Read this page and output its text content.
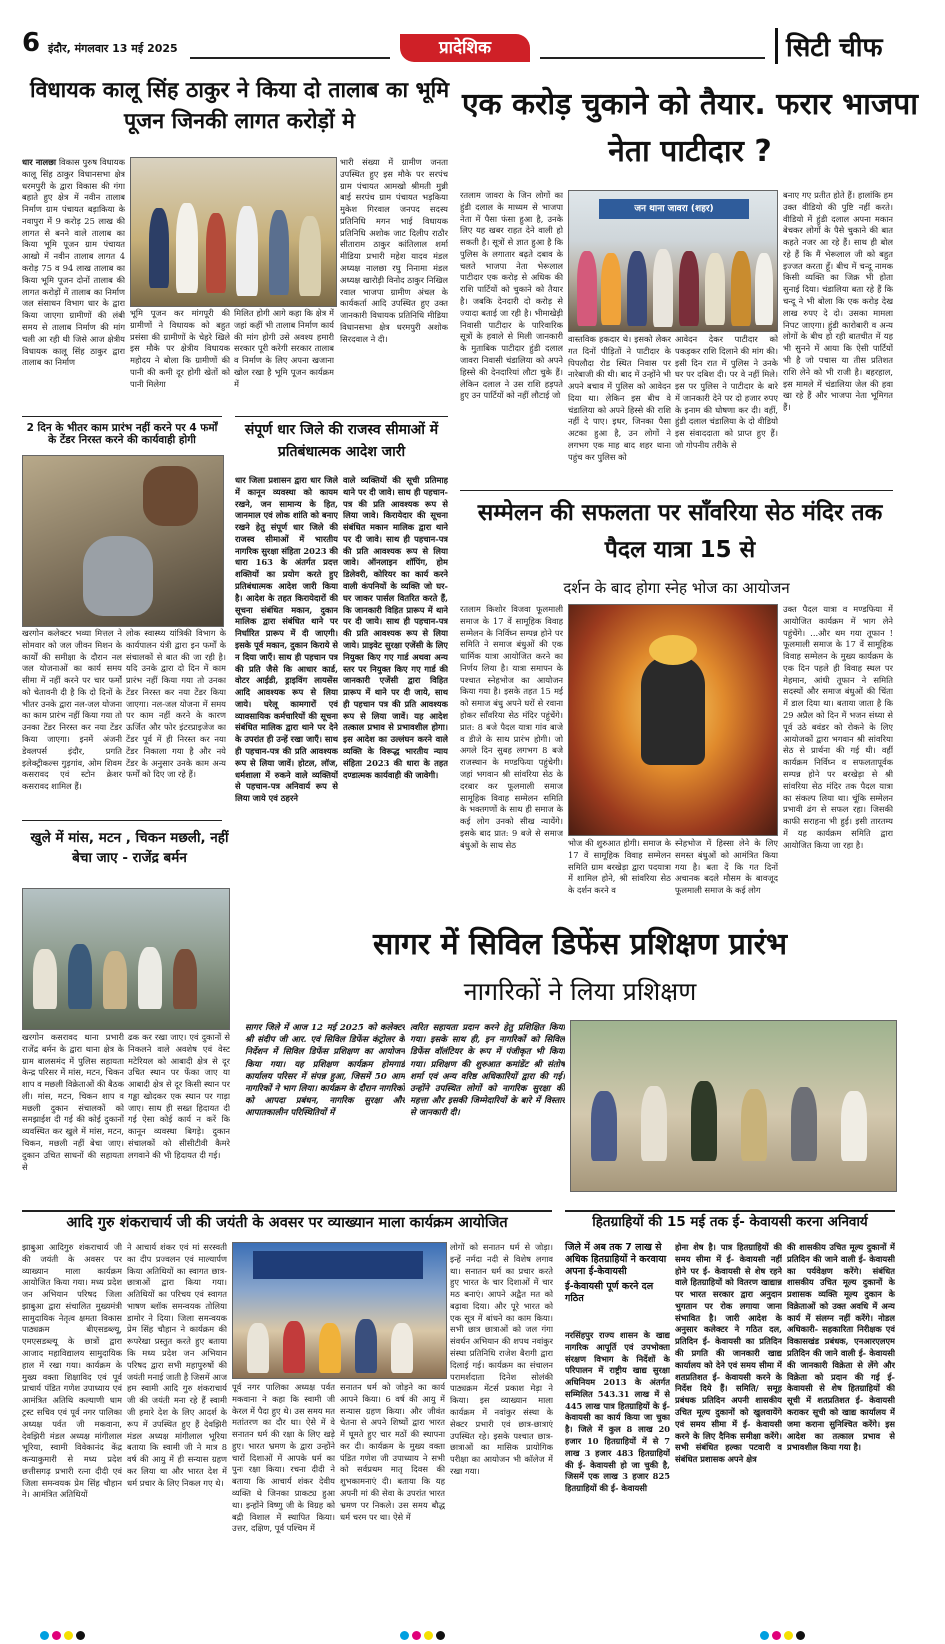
6 इंदौर, मंगलवार 13 मई 2025	प्रादेशिक	सिटी चीफ
विधायक कालू सिंह ठाकुर ने किया दो तालाब का भूमि पूजन जिनकी लागत करोड़ों मे
धार नालछा विकास पुरुष विधायक कालू सिंह ठाकुर विधानसभा क्षेत्र धरमपुरी के द्वारा विकास की गंगा बहाते हुए क्षेत्र में नवीन तालाब निर्माण ग्राम पंचायत बड़ाकिया के नवापुरा में 9 करोड़ 25 लाख की लागत से बनने वाले तालाब का किया भूमि पूजन ग्राम पंचायत आखो में नवीन तालाब लागत 4 करोड़ 75 व 94 लाख तालाब का किया भूमि पूजन दोनों तालाब की लागत करोड़ों में तालाब का निर्माण जल संसाधन विभाग धार के द्वारा किया जाएगा ग्रामीणों की लंबी समय से तालाब निर्माण की मांग चली आ रही थी जिसे आज क्षेत्रीय विधायक कालू सिंह ठाकुर द्वारा तालाब का निर्माण
भूमि पूजन कर मांगपूरी की ग्रामीणों ने विधायक को बहुत प्रसंसा की ग्रामीणों के चेहरे खिले इस मौके पर क्षेत्रीय विधायक महोदय ने बोला कि ग्रामीणों की पानी की कमी दूर होगी खेतों को पानी मिलेगा
मिलित होगी आगे कहा कि क्षेत्र में जहां कहीं भी तालाब निर्माण कार्य की मांग होगी उसे अवश्य हमारी सरकार पूरी करेगी सरकार तालाब व निर्माण के लिए अपना खजाना खोल रखा है भूमि पूजन कार्यक्रम में
भारी संख्या में ग्रामीण जनता उपस्थित हुए इस मौके पर सरपंच ग्राम पंचायत आमखो श्रीमती मुन्नी बाई सरपंच ग्राम पंचायत भड़किया मुकेश गिरवाल जनपद सदस्य प्रतिनिधि मगन भाई विधायक प्रतिनिधि अशोक जाट दिलीप राठौर सीताराम ठाकुर कांतिलाल शर्मा मीडिया प्रभारी महेश यादव मंडल अध्यक्ष नालछा रघु निनामा मंडल अध्यक्ष खारोड़ी विनोद ठाकुर निखिल रवाल भाजपा ग्रामीण अंचल के कार्यकर्ता आदि उपस्थित हुए उक्त जानकारी विधायक प्रतिनिधि मीडिया विधानसभा क्षेत्र धरमपुरी अशोक सिरदवाल ने दी।
2 दिन के भीतर काम प्रारंभ नहीं करने पर 4 फर्मों के टेंडर निरस्त करने की कार्यवाही होगी
खरगोन कलेक्टर भव्या मित्तल ने सोमवार को जल जीवन मिशन के कार्यों की समीक्षा के दौरान नल जल योजनाओं का कार्य समय सीमा में नहीं करने पर चार फर्मों को चेतावनी दी है कि दो दिनों के भीतर उनके द्वारा नल-जल योजना का काम प्रारंभ नहीं किया गया तो उनका टेंडर निरस्त कर नया टेंडर किया जाएगा। इनमें अंजनी डेवलपर्स इंदौर, प्रगति इलेक्ट्रीकल्स गुड़गांव, ओम शिवम कसरावद एवं स्टोन क्रेशर कसरावद शामिल हैं।
लोक स्वास्थ्य यांत्रिकी विभाग के कार्यपालन यंत्री द्वारा इन फर्मों के संचालकों से बात की जा रही है। यदि उनके द्वारा दो दिन में काम प्रारंभ नहीं किया गया तो उनका टेंडर निरस्त कर नया टेंडर किया जाएगा। नल-जल योजना में समय पर काम नहीं करने के कारण ऊर्जित और फोर इंटरप्राइजेज का टेंडर पूर्व में ही निरस्त कर नया टेंडर निकाला गया है और नये टेंडर के अनुसार उनके काम अन्य फर्मों को दिए जा रहे हैं।
खुले में मांस, मटन , चिकन मछली, नहीं बेचा जाए - राजेंद्र बर्मन
खरगोन कसरावद थाना प्रभारी राजेंद्र बर्मन के द्वारा थाना क्षेत्र के ग्राम बालसमंद में पुलिस सहायता केन्द्र परिसर में मांस, मटन, चिकन शाप व मछली विक्रेताओं की बैठक ली। मांस, मटन, चिकन शाप व मछली दुकान संचालकों को समझाईश दी गई की कोई दुकानों व्यवस्थित कर खुले में मांस, मटन, चिकन, मछली नहीं बेचा जाए। दुकान उचित साधनों की सहायता से
ढक कर रखा जाए। एवं दुकानों से निकलने वाले अवशेष एवं वेस्ट मटेरियल को आबादी क्षेत्र से दूर उचित स्थान पर फेंका जाए या आबादी क्षेत्र से दूर किसी स्थान पर गड्ढा खोदकर एक स्थान पर गाड़ा जाए। साथ ही सख्त हिदायत दी गई ऐसा कोई कार्य न करें कि कानून व्यवस्था बिगड़े। दुकान संचालकों को सीसीटीवी कैमरे लगवाने की भी हिदायत दी गई।
संपूर्ण धार जिले की राजस्व सीमाओं में प्रतिबंधात्मक आदेश जारी
धार जिला प्रशासन द्वारा धार जिले में कानून व्यवस्था को कायम रखने, जन सामान्य के हित, जानमाल एवं लोक शांति को बनाए रखने हेतु संपूर्ण धार जिले की राजस्व सीमाओं में भारतीय नागरिक सुरक्षा संहिता 2023 की धारा 163 के अंतर्गत प्रदत्त शक्तियों का प्रयोग करते हुए प्रतिबंधात्मक आदेश जारी किया है। आदेश के तहत किरायेदारों की सूचना संबंधित मकान, दुकान मालिक द्वारा संबंधित थाने पर निर्धारित प्रारूप में दी जाएगी। इसके पूर्व मकान, दुकान किराये से न दिया जाएँ। साथ ही पहचान पत्र की प्रति जैसे कि आधार कार्ड, वोटर आईडी, ड्राइविंग लायसेंस आदि आवश्यक रूप से लिया जाये। घरेलू कामगारों एवं व्यावसायिक कर्मचारियों की सूचना संबंधित मालिक द्वारा थाने पर देने के उपरांत ही उन्हें रखा जाएँ। साथ ही पहचान-पत्र की प्रति आवश्यक रूप से लिया जावें। होटल, लॉज, धर्मशाला में रुकने वाले व्यक्तियों से पहचान-पत्र अनिवार्य रूप से लिया जाये एवं ठहरने
वाले व्यक्तियों की सूची प्रतिमाह थाने पर दी जावे। साथ ही पहचान-पत्र की प्रति आवश्यक रूप से लिया जावे। किरायेदार की सूचना संबंधित मकान मालिक द्वारा थाने पर दी जावे। साथ ही पहचान-पत्र की प्रति आवश्यक रूप से लिया जावे। ऑनलाइन शॉपिंग, होम डिलेवरी, कोरियर का कार्य करने वाली कंपनियों के व्यक्ति जो घर-घर जाकर पार्सल वितरित करते हैं, कि जानकारी विहित प्रारूप में थाने पर दी जाये। साथ ही पहचान-पत्र की प्रति आवश्यक रूप से लिया जाये। प्राइवेट सुरक्षा एजेंसी के लिए नियुक्त किए गए गार्ड अथवा अन्य स्तर पर नियुक्त किए गए गार्ड की जानकारी एजेंसी द्वारा विहित प्रारूप में थाने पर दी जाये, साथ ही पहचान पत्र की प्रति आवश्यक रूप से लिया जावें। यह आदेश तत्काल प्रभाव से प्रभावशील होगा। इस आदेश का उल्लंघन करने वाले व्यक्ति के विरूद्ध भारतीय न्याय संहिता 2023 की धारा के तहत दण्डात्मक कार्यवाही की जावेगी।
एक करोड़ चुकाने को तैयार. फरार भाजपा नेता पाटीदार ?
रतलाम जावरा के जिन लोगों का हुंडी दलाल के माध्यम से भाजपा नेता में पैसा फंसा हुआ है, उनके लिए यह खबर राहत देने वाली हो सकती है। सूत्रों से ज्ञात हुआ है कि पुलिस के लगातार बढ़ते दबाव के चलते भाजपा नेता भेरूलाल पाटीदार एक करोड़ से अधिक की राशि पार्टियों को चुकाने को तैयार है। जबकि देनदारी दो करोड़ से ज्यादा बताई जा रही है। भीमाखेड़ी निवासी पाटीदार के पारिवारिक सूत्रों के हवाले से मिली जानकारी के मुताबिक पाटीदार हुंडी दलाल जावरा निवासी चंडालिया को अपने हिस्से की देनदारियां लौटा चुके हैं। लेकिन दलाल ने उस राशि हड़पते हुए उन पार्टियों को नहीं लौटाई जो
जन थाना जावरा (शहर)
वास्तविक हकदार थे। इसको लेकर गत दिनों पीड़ितों ने पाटीदार के पिपलौदा रोड स्थित निवास पर नारेबाजी की थी। बाद में उन्होंने भी अपने बचाव में पुलिस को आवेदन दिया था। लेकिन इस बीच वे चंडालिया को अपने हिस्से की राशि नहीं दे पाए। इधर, जिनका पैसा अटका हुआ है, उन लोगों ने लगभग एक माह बाद शहर थाना पहुंच कर पुलिस को
आवेदन देकर पाटीदार को पकड़कर राशि दिलाने की मांग की। इसी दिन रात में पुलिस ने उनके घर पर दबिश दी। पर वे नहीं मिले। इस पर पुलिस ने पाटीदार के बारे में जानकारी देने पर दो हजार रुपए के इनाम की घोषणा कर दी। वहीं, हुंडी दलाल चंडालिया के दो वीडियो इस संवाददाता को प्राप्त हुए हैं। जो गोपनीय तरीके से
बनाए गए प्रतीत होते हैं। हालांकि हम उक्त वीडियो की पुष्टि नहीं करते। वीडियो में हुंडी दलाल अपना मकान बेचकर लोगों के पैसे चुकाने की बात कहते नजर आ रहे हैं। साथ ही बोल रहे हैं कि मैं भेरूलाल जी को बहुत इज्जत करता हूँ। बीच में चन्दू नामक किसी व्यक्ति का जिक्र भी होता सुनाई दिया। चंडालिया बता रहे हैं कि चन्दू ने भी बोला कि एक करोड़ देख लाख रुपए दे दो। उसका मामला निपट जाएगा। हुंडी कारोबारी व अन्य लोगों के बीच हो रही बातचीत में यह भी सुनने में आया कि ऐसी पार्टियों भी है जो पचास या तीस प्रतिशत राशि लेने को भी राजी है। बहरहाल, इस मामले में चंडालिया जेल की हवा खा रहे हैं और भाजपा नेता भूमिगत हैं।
सम्मेलन की सफलता पर सॉंवरिया सेठ मंदिर तक पैदल यात्रा 15 से
दर्शन के बाद होगा स्नेह भोज का आयोजन
रतलाम किशोर विजवा फूलमाली समाज के 17 वें सामूहिक विवाह सम्मेलन के निर्विघ्न सम्पन्न होने पर समिति ने समाज बंधुओं की एक धार्मिक यात्रा आयोजित करने का निर्णय लिया है। यात्रा समापन के पश्चात स्नेहभोज का आयोजन किया गया है। इसके तहत 15 मई को समाज बंधु अपने घरों से रवाना होकर सॉंवरिया सेठ मंदिर पहुंचेंगे। प्रात: 8 बजे पैदल यात्रा गांव बाजे व डीजे के साथ प्रारंभ होगी। जो अगले दिन सुबह लगभग 8 बजे राजस्थान के मण्डफिया पहुंचेगी। जहां भगवान श्री सांवरिया सेठ के दरबार कर फूलमाली समाज सामूहिक विवाह सम्मेलन समिति के भक्तगणों के साथ ही समाज के कई लोग उनको सीख न्यायेंगे। इसके बाद प्रात: 9 बजे से समाज बंधुओं के साथ सेठ	भोज की शुरुआत होगी। समाज के 17 वें सामूहिक विवाह सम्मेलन समिति ग्राम बरखेड़ा द्वारा पदयात्रा में शामिल होने, श्री सांवरिया सेठ के दर्शन करने व
स्नेहभोज में हिस्सा लेने के लिए समस्त बंधुओं को आमंत्रित किया गया है। बता दें कि गत दिनों अचानक बदले मौसम के बावजूद फूलमाली समाज के कई लोग
उक्त पैदल यात्रा व मण्डफिया में आयोजित कार्यक्रम में भाग लेने पहुंचेंगे। ...और थम गया तूफान ! फूलमाली समाज के 17 वें सामूहिक विवाह सम्मेलन के मुख्य कार्यक्रम के एक दिन पहले ही विवाह स्थल पर मेहमान, आंधी तूफान ने समिति सदस्यों और समाज बंधुओं की चिंता में डाल दिया था। बताया जाता है कि 29 अप्रैल को दिन में भजन संध्या से पूर्व उठे बवंडर को रोकने के लिए आयोजकों द्वारा भगवान श्री सांवरिया सेठ से प्रार्थना की गई थी। वहीं कार्यक्रम निर्विघ्न व सफलतापूर्वक सम्पन्न होने पर बरखेड़ा से श्री सांवरिया सेठ मंदिर तक पैदल यात्रा का संकल्प लिया था। चूंकि सम्मेलन प्रभावी ढंग से सफल रहा। जिसकी काफी सराहना भी हुई। इसी तारतम्य में यह कार्यक्रम समिति द्वारा आयोजित किया जा रहा है।
सागर में सिविल डिफेंस प्रशिक्षण प्रारंभ
नागरिकों ने लिया प्रशिक्षण
सागर जिले में आज 12 मई 2025 को कलेक्टर श्री संदीप जी आर. एवं सिविल डिफेंस कंट्रोलर के निर्देशन में सिविल डिफेंस प्रशिक्षण का आयोजन किया गया। यह प्रशिक्षण कार्यक्रम होमगार्ड कार्यालय परिसर में संपन्न हुआ, जिसमें 50 आम नागरिकों ने भाग लिया। कार्यक्रम के दौरान नागरिकों को आपदा प्रबंधन, नागरिक सुरक्षा और आपातकालीन परिस्थितियों में
त्वरित सहायता प्रदान करने हेतु प्रशिक्षित किया गया। इसके साथ ही, इन नागरिकों को सिविल डिफेंस वॉलंटियर के रूप में पंजीकृत भी किया गया। प्रशिक्षण की शुरुआत कमांडेंट श्री संतोष शर्मा एवं अन्य वरिष्ठ अधिकारियों द्वारा की गई। उन्होंने उपस्थित लोगों को नागरिक सुरक्षा की महत्ता और इसकी जिम्मेदारियों के बारे में विस्तार से जानकारी दी।
आदि गुरु शंकराचार्य जी की जयंती के अवसर पर व्याख्यान माला कार्यक्रम आयोजित
झाबुआ आदिगुरु शंकराचार्य जी की जयंती के अवसर पर व्याख्यान माला कार्यक्रम आयोजित किया गया। मध्य प्रदेश जन अभियान परिषद जिला झाबुआ द्वारा संचालित मुख्यमंत्री सामुदायिक नेतृत्व क्षमता विकास पाठ्यक्रम बीएसडब्ल्यू, एमएसडब्ल्यू के छात्रों द्वारा आजाद महाविद्यालय सामुदायिक हाल में रखा गया। कार्यक्रम के मुख्य वक्ता शिक्षाविद एवं पूर्व प्राचार्य पंडित गणेश उपाध्याय एवं आमंत्रित अतिथि कल्याणी धाम ट्रस्ट सचिव एवं पूर्व नगर पालिका अध्यक्ष पर्वत जी मकवाना, देवझिरी मंडल अध्यक्ष मांगीलाल भूरिया, स्वामी विवेकानंद केंद्र कन्याकुमारी से मध्य प्रदेश छत्तीसगढ़ प्रभारी रत्ना दीदी एवं जिला समन्वयक प्रेम सिंह चौहान ने। आमंत्रित अतिथियों
ने आचार्य शंकर एवं मां सरस्वती का दीप प्रज्वलन एवं माल्यार्पण किया अतिथियों का स्वागत छात्र-छात्राओं द्वारा किया गया। अतिथियों का परिचय एवं स्वागत भाषण ब्लॉक समन्वयक तोलिया डामोर ने दिया। जिला समन्वयक प्रेम सिंह चौहान ने कार्यक्रम की रूपरेखा प्रस्तुत करते हुए बताया कि मध्य प्रदेश जन अभियान परिषद द्वारा सभी महापुरुषों की जयंती मनाई जाती है जिसमें आज हम स्वामी आदि गुरु शंकराचार्य जी की जयंती मना रहे हैं स्वामी जी हमारे देश के लिए आदर्श के रूप में उपस्थित हुए हैं देवझिरी मंडल अध्यक्ष मांगीलाल भूरिया बताया कि स्वामी जी ने मात्र 8 वर्ष की आयु में ही सन्यास ग्रहण कर लिया था और भारत देश में धर्म प्रचार के लिए निकल गए थे।
पूर्व नगर पालिका अध्यक्ष पर्वत मकवाना ने कहा कि स्वामी जी केरल में पैदा हुए थे। उस समय मत मतांतरण का दौर था। ऐसे में वे सनातन धर्म की रक्षा के लिए खड़े हुए। भारत भ्रमण के द्वारा उन्होंने चारों दिशाओं में आपके धर्म का पुनः रक्षा किया। रचना दीदी ने बताया कि आचार्य शंकर देवीय व्यक्ति थे जिनका प्राकट्य हुआ था। इन्होंने विष्णु जी के विग्रह को बद्री विशाल में स्थापित किया। उत्तर, दक्षिण, पूर्व पश्चिम में
सनातन धर्म को जोड़ने का कार्य आपने किया। 6 वर्ष की आयु में सन्यास ग्रहण किया। और जीवंत चेतना से अपने शिष्यों द्वारा भारत में घूमते हुए चार मठों की स्थापना कर दी। कार्यक्रम के मुख्य वक्ता पंडित गणेश जी उपाध्याय ने सभी को सर्वप्रथम मातृ दिवस की शुभकामनाएं दी। बताया कि यह अपनी मां की सेवा के उपरांत भारत भ्रमण पर निकले। उस समय बौद्ध धर्म चरम पर था। ऐसे में
लोगों को सनातन धर्म से जोड़ा। इन्हें नर्मदा नदी से विशेष लगाव था। सनातन धर्म का प्रचार करते हुए भारत के चार दिशाओं में चार मठ बनाएं। आपने अद्वैत मत को बढ़ावा दिया। और पूरे भारत को एक सूत्र में बांधने का काम किया। सभी छात्र छात्राओं को जल गंगा संवर्धन अभियान की शपथ नवांकुर संस्था प्रतिनिधि राजेश बैरागी द्वारा दिलाई गई। कार्यक्रम का संचालन परामर्शदाता दिनेश सोलंकी पाठ्यक्रम मेंटर्स प्रकाश मेड़ा ने किया। इस व्याख्यान माला कार्यक्रम में नवांकुर संस्था के सेक्टर प्रभारी एवं छात्र-छात्राएं उपस्थित रहे। इसके पश्चात छात्र-छात्राओं का मासिक प्रायोगिक परीक्षा का आयोजन भी कॉलेज में रखा गया।
हितग्राहियों की 15 मई तक ई- केवायसी करना अनिवार्य
जिले में अब तक 7 लाख से अधिक हितग्राहियों ने करवाया अपना ई-केवायसी
ई-केवायसी पूर्ण करने दल गठित
नरसिंहपुर राज्य शासन के खाद्य नागरिक आपूर्ति एवं उपभोक्ता संरक्षण विभाग के निर्देशों के परिपालन में राष्ट्रीय खाद्य सुरक्षा अधिनियम 2013 के अंतर्गत सम्मिलित 543.31 लाख में से 445 लाख पात्र हितग्राहियों के ई-केवायसी का कार्य किया जा चुका है। जिले में कुल 8 लाख 20 हजार 10 हितग्राहियों में से 7 लाख 3 हजार 483 हितग्राहियों की ई- केवायसी हो जा चुकी है, जिसमें एक लाख 3 हजार 825 हितग्राहियों की ई- केवायसी
होना शेष है। पात्र हितग्राहियों की समय सीमा में ई- केवायसी नहीं होने पर ई- केवायसी से शेष रहने वाले हितग्राहियों को वितरण खाद्यान्न पर भारत सरकार द्वारा अनुदान भुगतान पर रोक लगाया जाना संभावित है। जारी आदेश के अनुसार कलेक्टर ने गठित दल, प्रतिदिन ई- केवायसी का प्रतिदिन की प्रगति की जानकारी खाद्य कार्यालय को देने एवं समय सीमा में शतप्रतिशत ई- केवायसी करने के निर्देश दिये हैं। समिति/ समूह प्रबंधक प्रतिदिन अपनी शासकीय उचित मूल्य दुकानों को खुलवायेंगे एवं समय सीमा में ई- केवायसी करने के लिए दैनिक समीक्षा करेंगे। सभी संबंधित हल्का पटवारी व संबंधित प्रशासक अपने क्षेत्र
की शासकीय उचित मूल्य दुकानों में प्रतिदिन की जाने वाली ई- केवायसी का पर्यवेक्षण करेंगे। संबंधित शासकीय उचित मूल्य दुकानों के प्रशासक व्यक्ति मूल्य दुकान के विक्रेताओं को उक्त अवधि में अन्य कार्य में संलग्न नहीं करेंगे। नोडल अधिकारी- सहकारिता निरीक्षक एवं विकासखंड प्रबंधक, एनआरएलएम प्रतिदिन की जाने वाली ई- केवायसी की जानकारी विक्रेता से लेंगे और विक्रेता को प्रदान की गई ई- केवायसी से शेष हितग्राहियों की सूची में शतप्रतिशत ई- केवायसी कराकर सूची को खाद्य कार्यालय में जमा कराना सुनिश्चित करेंगे। इस आदेश का तत्काल प्रभाव से प्रभावशील किया गया है।
